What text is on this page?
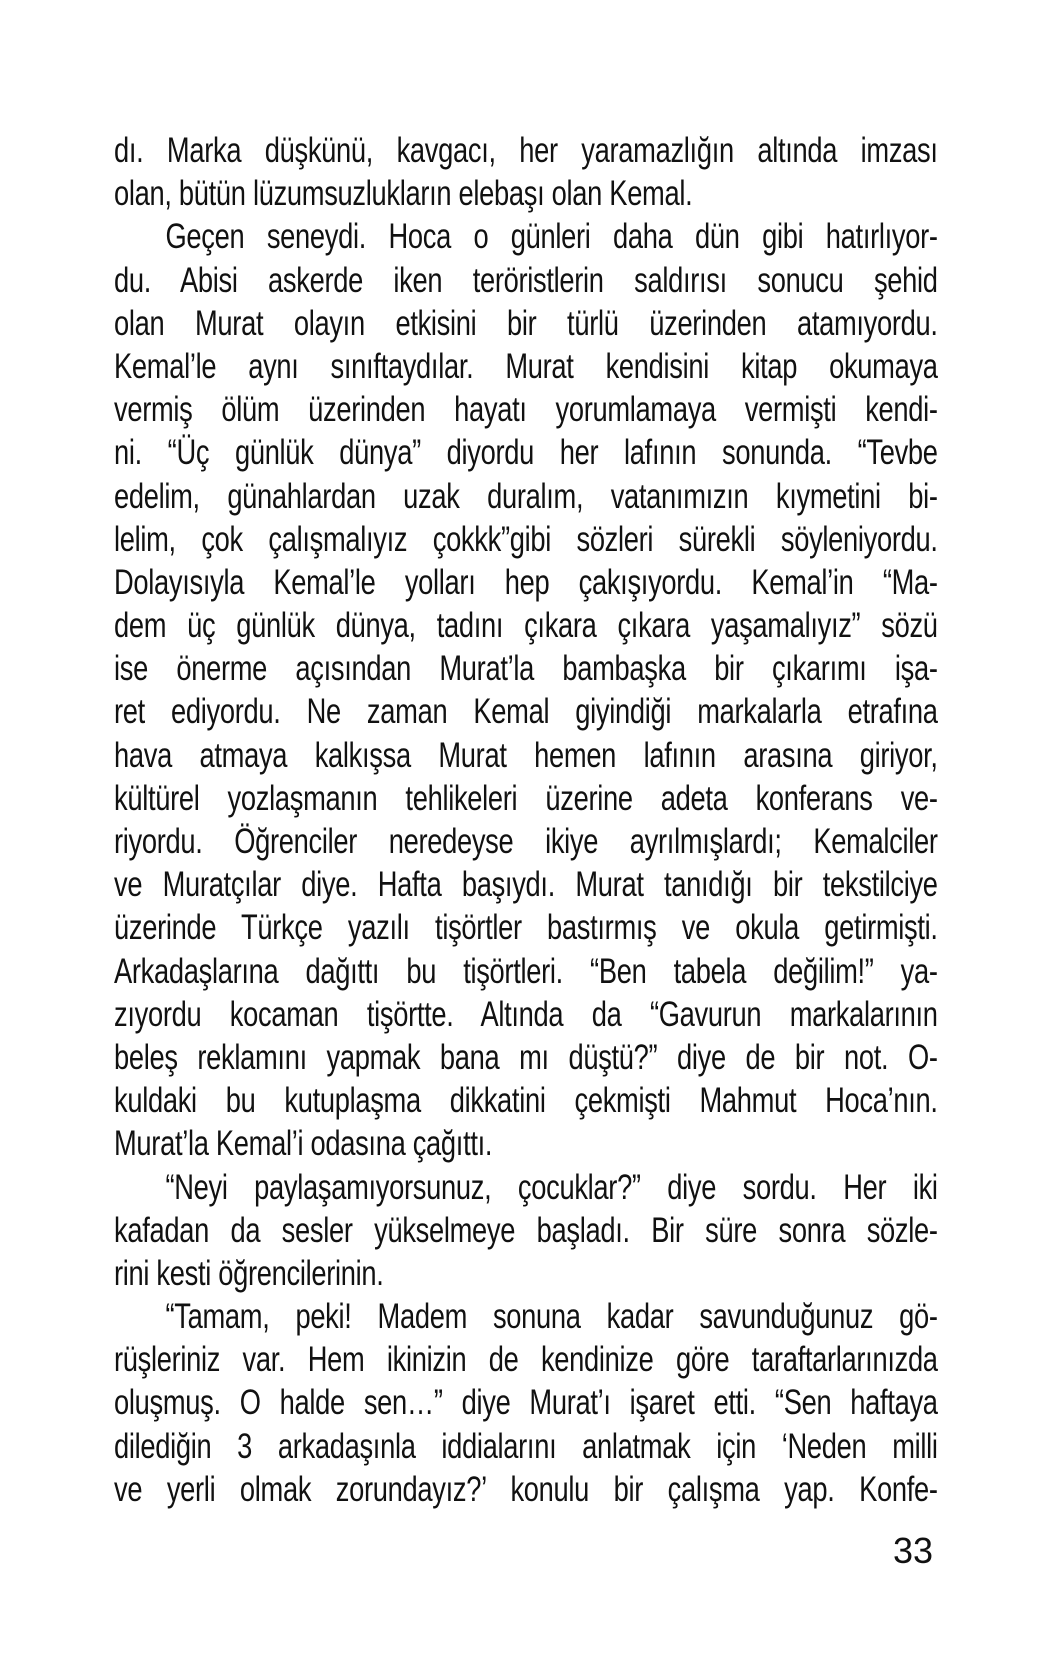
dı. Marka düşkünü, kavgacı, her yaramazlığın altında imzası
olan, bütün lüzumsuzlukların elebaşı olan Kemal.
Geçen seneydi. Hoca o günleri daha dün gibi hatırlıyor-
du. Abisi askerde iken teröristlerin saldırısı sonucu şehid
olan Murat olayın etkisini bir türlü üzerinden atamıyordu.
Kemal’le aynı sınıftaydılar. Murat kendisini kitap okumaya
vermiş ölüm üzerinden hayatı yorumlamaya vermişti kendi-
ni. “Üç günlük dünya” diyordu her lafının sonunda. “Tevbe
edelim, günahlardan uzak duralım, vatanımızın kıymetini bi-
lelim, çok çalışmalıyız çokkk”gibi sözleri sürekli söyleniyordu.
Dolayısıyla Kemal’le yolları hep çakışıyordu. Kemal’in “Ma-
dem üç günlük dünya, tadını çıkara çıkara yaşamalıyız” sözü
ise önerme açısından Murat’la bambaşka bir çıkarımı işa-
ret ediyordu. Ne zaman Kemal giyindiği markalarla etrafına
hava atmaya kalkışsa Murat hemen lafının arasına giriyor,
kültürel yozlaşmanın tehlikeleri üzerine adeta konferans ve-
riyordu. Öğrenciler neredeyse ikiye ayrılmışlardı; Kemalciler
ve Muratçılar diye. Hafta başıydı. Murat tanıdığı bir tekstilciye
üzerinde Türkçe yazılı tişörtler bastırmış ve okula getirmişti.
Arkadaşlarına dağıttı bu tişörtleri. “Ben tabela değilim!” ya-
zıyordu kocaman tişörtte. Altında da “Gavurun markalarının
beleş reklamını yapmak bana mı düştü?” diye de bir not. O-
kuldaki bu kutuplaşma dikkatini çekmişti Mahmut Hoca’nın.
Murat’la Kemal’i odasına çağıttı.
“Neyi paylaşamıyorsunuz, çocuklar?” diye sordu. Her iki
kafadan da sesler yükselmeye başladı. Bir süre sonra sözle-
rini kesti öğrencilerinin.
“Tamam, peki! Madem sonuna kadar savunduğunuz gö-
rüşleriniz var. Hem ikinizin de kendinize göre taraftarlarınızda
oluşmuş. O halde sen…” diye Murat’ı işaret etti. “Sen haftaya
dilediğin 3 arkadaşınla iddialarını anlatmak için ‘Neden milli
ve yerli olmak zorundayız?’ konulu bir çalışma yap. Konfe-
33
